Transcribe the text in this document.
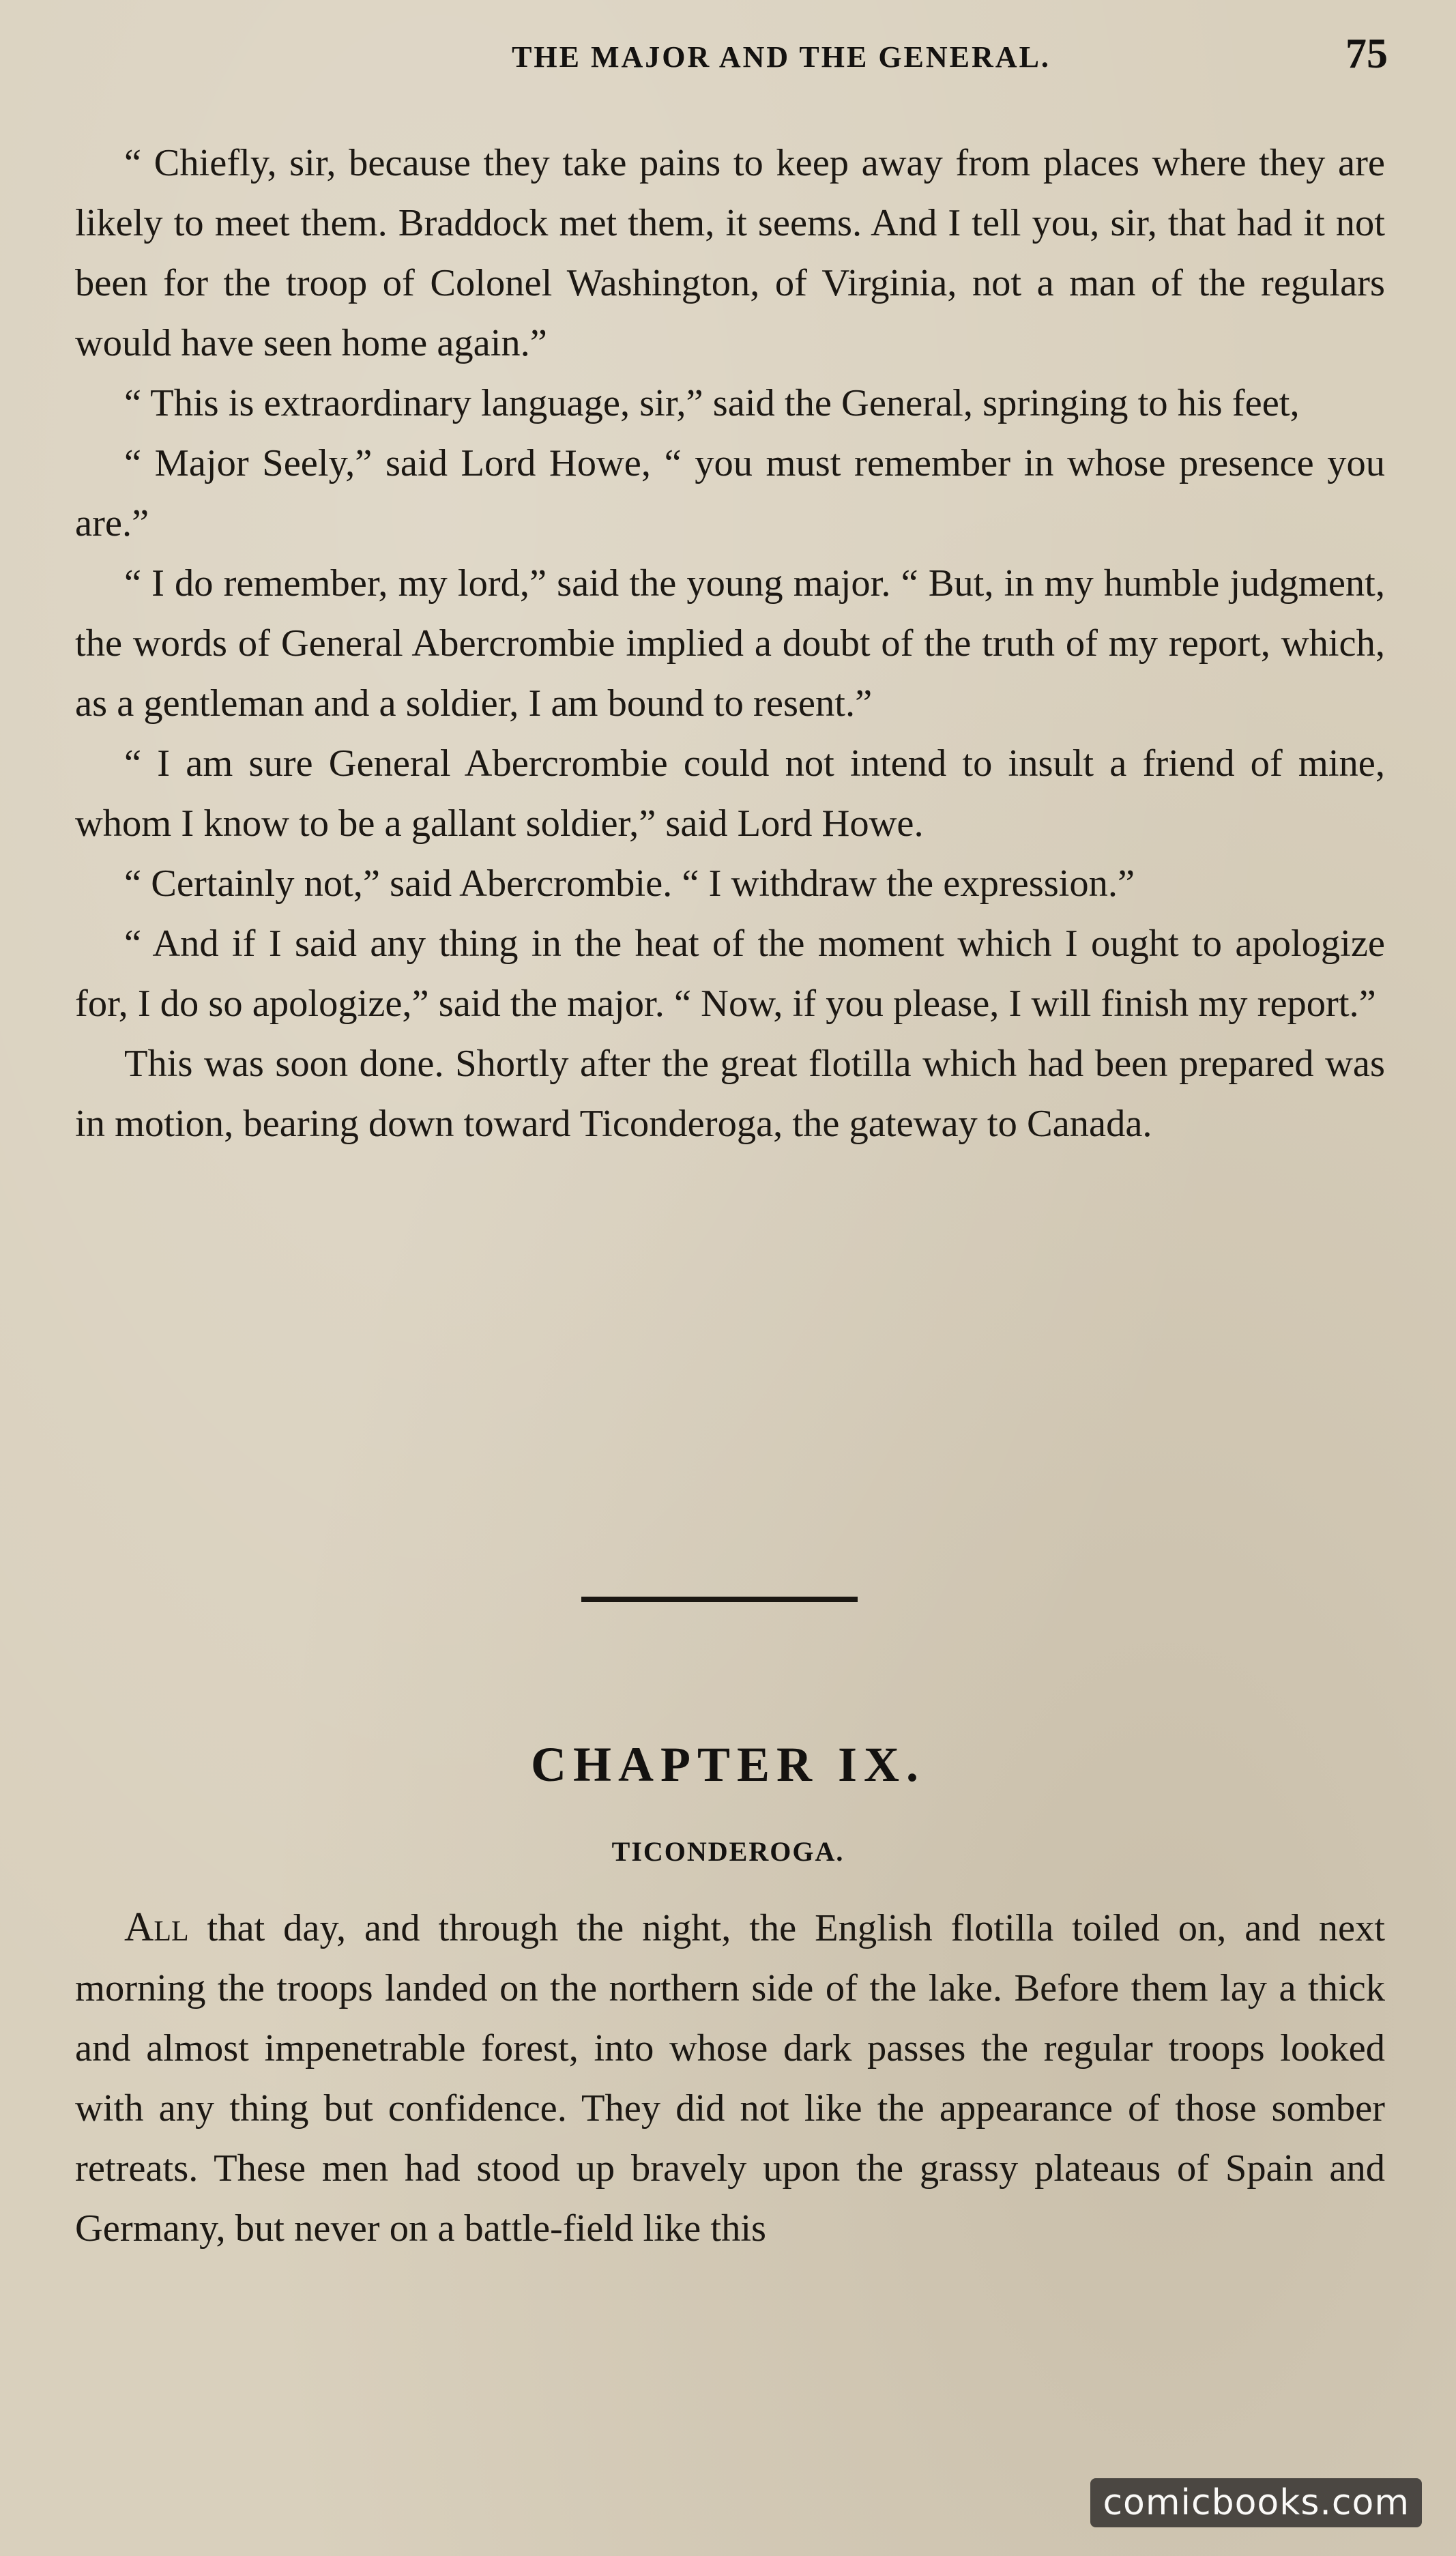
THE MAJOR AND THE GENERAL.	75

“ Chiefly, sir, because they take pains to keep away from places where they are likely to meet them. Braddock met them, it seems. And I tell you, sir, that had it not been for the troop of Colonel Washington, of Virginia, not a man of the regulars would have seen home again.”

“ This is extraordinary language, sir,” said the General, springing to his feet,

“ Major Seely,” said Lord Howe, “ you must remember in whose presence you are.”

“ I do remember, my lord,” said the young major. “ But, in my humble judgment, the words of General Abercrombie implied a doubt of the truth of my report, which, as a gentleman and a soldier, I am bound to resent.”

“ I am sure General Abercrombie could not intend to insult a friend of mine, whom I know to be a gallant soldier,” said Lord Howe.

“ Certainly not,” said Abercrombie. “ I withdraw the expression.”

“ And if I said any thing in the heat of the moment which I ought to apologize for, I do so apologize,” said the major. “ Now, if you please, I will finish my report.”

This was soon done. Shortly after the great flotilla which had been prepared was in motion, bearing down toward Ticonderoga, the gateway to Canada.

CHAPTER IX.
TICONDEROGA.

All that day, and through the night, the English flotilla toiled on, and next morning the troops landed on the northern side of the lake. Before them lay a thick and almost impenetrable forest, into whose dark passes the regular troops looked with any thing but confidence. They did not like the appearance of those somber retreats. These men had stood up bravely upon the grassy plateaus of Spain and Germany, but never on a battle-field like this

comicbooks.com
